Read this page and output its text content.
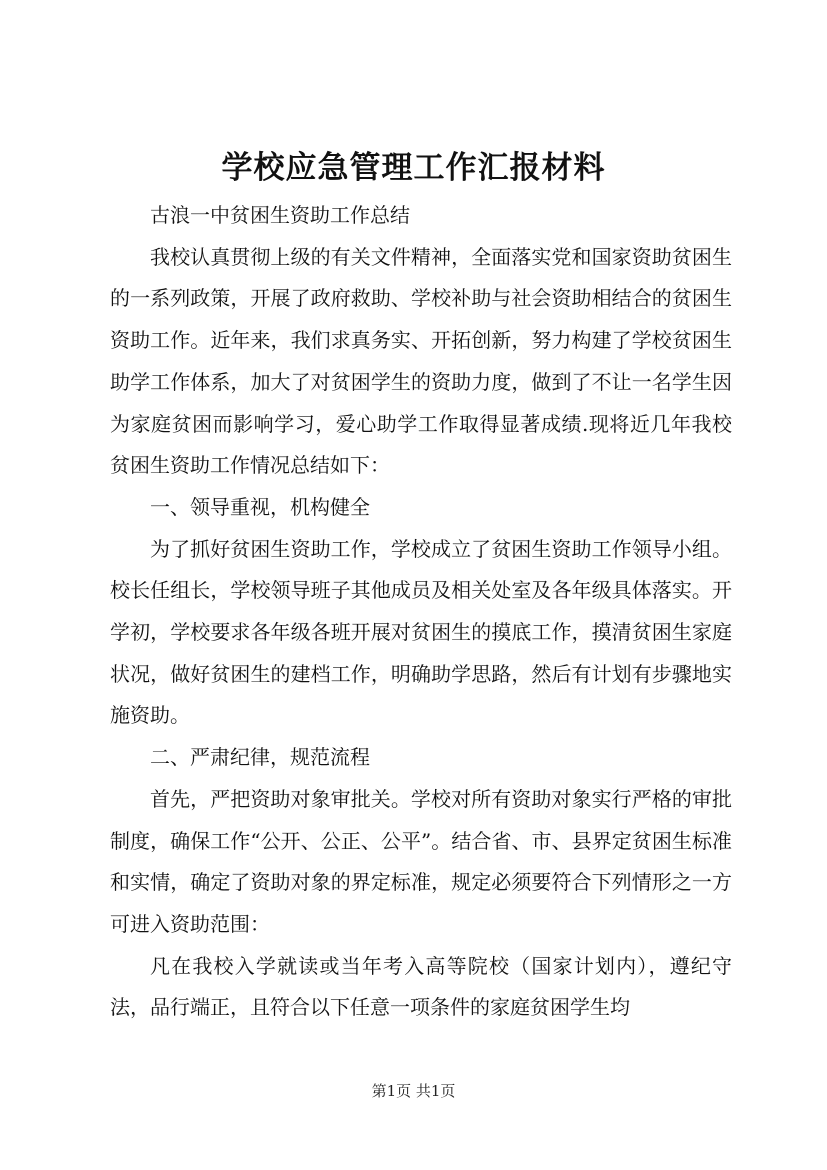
学校应急管理工作汇报材料

古浪一中贫困生资助工作总结

我校认真贯彻上级的有关文件精神，全面落实党和国家资助贫困生的一系列政策，开展了政府救助、学校补助与社会资助相结合的贫困生资助工作。近年来，我们求真务实、开拓创新，努力构建了学校贫困生助学工作体系，加大了对贫困学生的资助力度，做到了不让一名学生因为家庭贫困而影响学习，爱心助学工作取得显著成绩.现将近几年我校贫困生资助工作情况总结如下：

一、领导重视，机构健全

为了抓好贫困生资助工作，学校成立了贫困生资助工作领导小组。校长任组长，学校领导班子其他成员及相关处室及各年级具体落实。开学初，学校要求各年级各班开展对贫困生的摸底工作，摸清贫困生家庭状况，做好贫困生的建档工作，明确助学思路，然后有计划有步骤地实施资助。

二、严肃纪律，规范流程

首先，严把资助对象审批关。学校对所有资助对象实行严格的审批制度，确保工作“公开、公正、公平”。结合省、市、县界定贫困生标准和实情，确定了资助对象的界定标准，规定必须要符合下列情形之一方可进入资助范围：

凡在我校入学就读或当年考入高等院校（国家计划内），遵纪守法，品行端正，且符合以下任意一项条件的家庭贫困学生均

第1页 共1页
